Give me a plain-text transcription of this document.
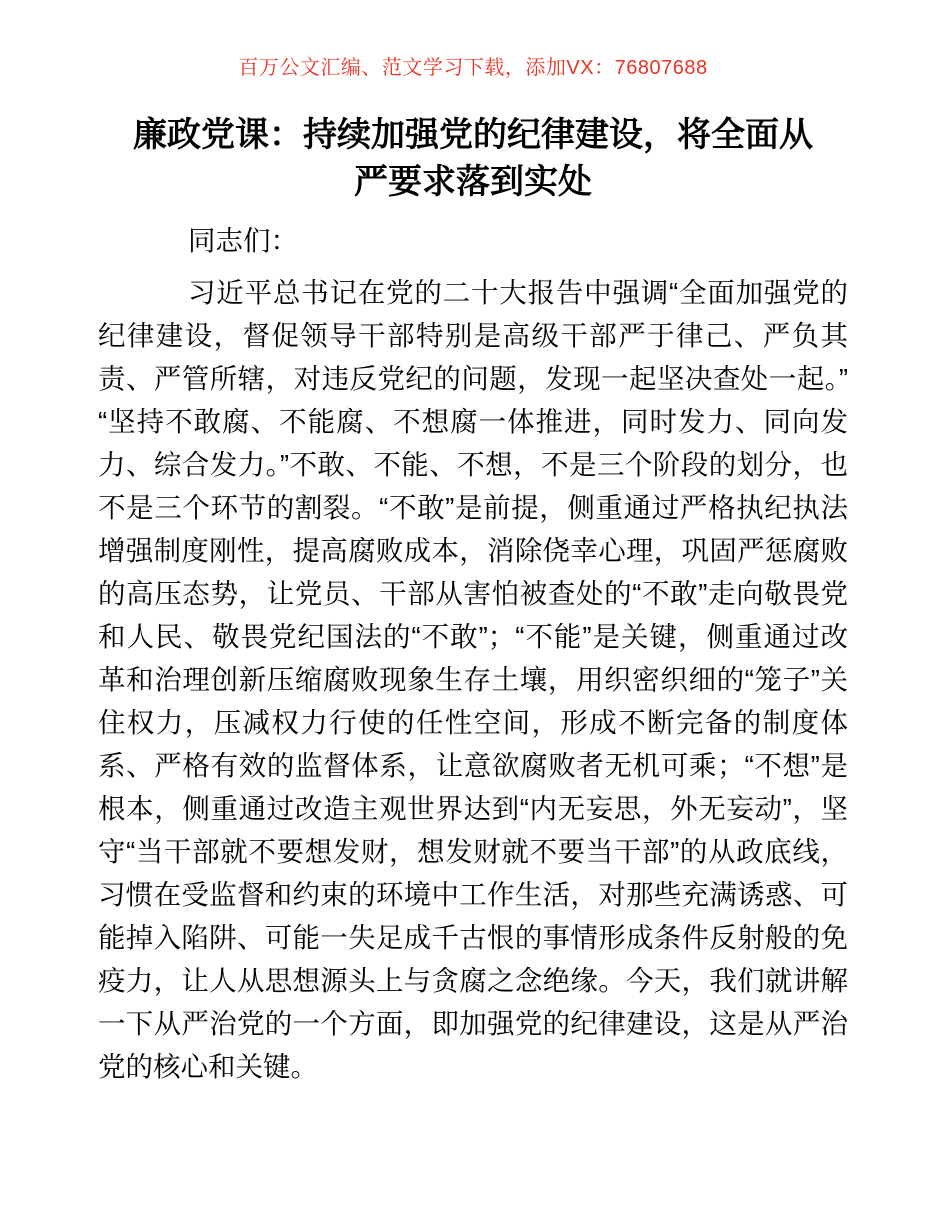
百万公文汇编、范文学习下载，添加VX：76807688
廉政党课：持续加强党的纪律建设，将全面从
严要求落到实处

同志们：

习近平总书记在党的二十大报告中强调“全面加强党的纪律建设，督促领导干部特别是高级干部严于律己、严负其责、严管所辖，对违反党纪的问题，发现一起坚决查处一起。”“坚持不敢腐、不能腐、不想腐一体推进，同时发力、同向发力、综合发力。”不敢、不能、不想，不是三个阶段的划分，也不是三个环节的割裂。“不敢”是前提，侧重通过严格执纪执法增强制度刚性，提高腐败成本，消除侥幸心理，巩固严惩腐败的高压态势，让党员、干部从害怕被查处的“不敢”走向敬畏党和人民、敬畏党纪国法的“不敢”；“不能”是关键，侧重通过改革和治理创新压缩腐败现象生存土壤，用织密织细的“笼子”关住权力，压减权力行使的任性空间，形成不断完备的制度体系、严格有效的监督体系，让意欲腐败者无机可乘；“不想”是根本，侧重通过改造主观世界达到“内无妄思，外无妄动”，坚守“当干部就不要想发财，想发财就不要当干部”的从政底线，习惯在受监督和约束的环境中工作生活，对那些充满诱惑、可能掉入陷阱、可能一失足成千古恨的事情形成条件反射般的免疫力，让人从思想源头上与贪腐之念绝缘。今天，我们就讲解一下从严治党的一个方面，即加强党的纪律建设，这是从严治党的核心和关键。
